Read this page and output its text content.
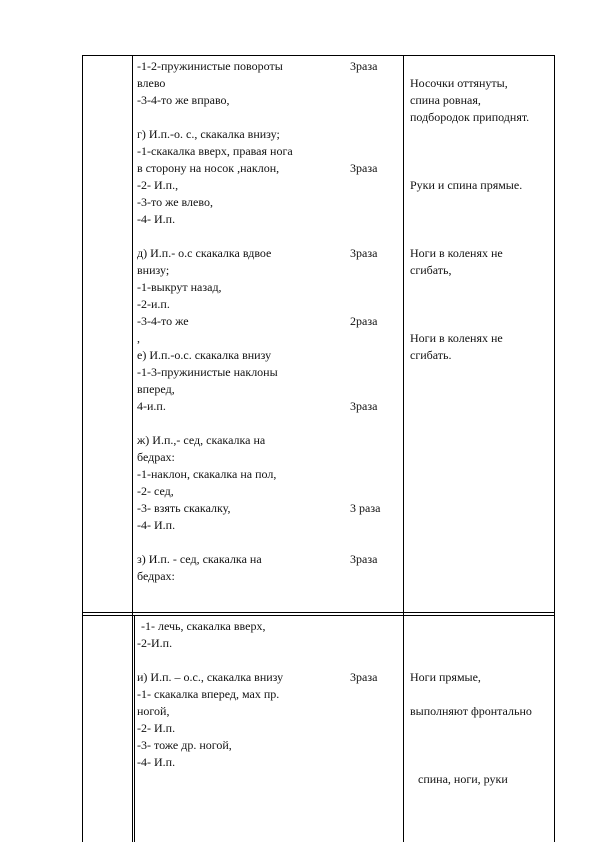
-1-2-пружинистые повороты
влево
-3-4-то же вправо,
г) И.п.-о. с., скакалка внизу;
-1-скакалка вверх, правая нога
в сторону на носок ,наклон,
-2- И.п.,
-3-то же влево,
-4- И.п.
д) И.п.- о.с скакалка вдвое
внизу;
-1-выкрут назад,
-2-и.п.
-3-4-то же
,
е) И.п.-о.с. скакалка внизу
-1-3-пружинистые наклоны
вперед,
4-и.п.
ж) И.п.,- сед, скакалка на
бедрах:
-1-наклон, скакалка на пол,
-2- сед,
-3- взять скакалку,
-4- И.п.
з) И.п. - сед, скакалка на
бедрах:
3раза
3раза
3раза
2раза
3раза
3 раза
3раза
Носочки оттянуты,
спина ровная,
подбородок приподнят.
Руки и спина прямые.
Ноги в коленях не
сгибать,
Ноги в коленях не
сгибать.
-1- лечь, скакалка вверх,
-2-И.п.
и) И.п. – о.с., скакалка внизу
-1- скакалка вперед, мах пр.
ногой,
-2- И.п.
-3- тоже др. ногой,
-4- И.п.
3раза	Ноги прямые,
выполняют фронтально
спина, ноги, руки
